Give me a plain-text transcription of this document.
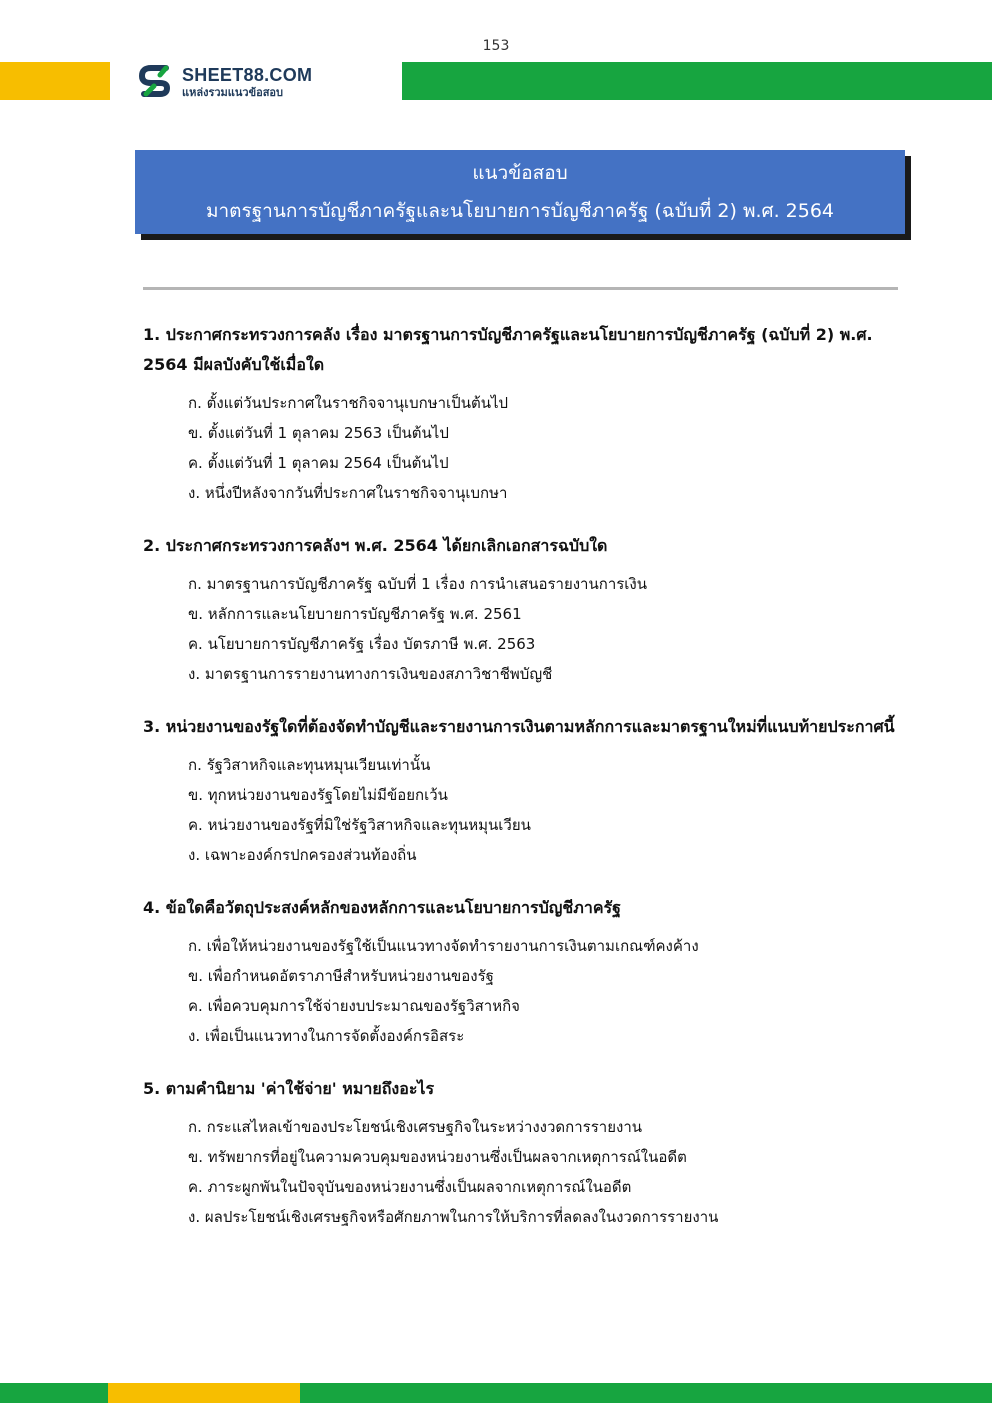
153
SHEET88.COM
แหล่งรวมแนวข้อสอบ
แนวข้อสอบ
มาตรฐานการบัญชีภาครัฐและนโยบายการบัญชีภาครัฐ (ฉบับที่ 2) พ.ศ. 2564

1. ประกาศกระทรวงการคลัง เรื่อง มาตรฐานการบัญชีภาครัฐและนโยบายการบัญชีภาครัฐ (ฉบับที่ 2) พ.ศ. 2564 มีผลบังคับใช้เมื่อใด

ก. ตั้งแต่วันประกาศในราชกิจจานุเบกษาเป็นต้นไป
ข. ตั้งแต่วันที่ 1 ตุลาคม 2563 เป็นต้นไป
ค. ตั้งแต่วันที่ 1 ตุลาคม 2564 เป็นต้นไป
ง. หนึ่งปีหลังจากวันที่ประกาศในราชกิจจานุเบกษา

2. ประกาศกระทรวงการคลังฯ พ.ศ. 2564 ได้ยกเลิกเอกสารฉบับใด

ก. มาตรฐานการบัญชีภาครัฐ ฉบับที่ 1 เรื่อง การนำเสนอรายงานการเงิน
ข. หลักการและนโยบายการบัญชีภาครัฐ พ.ศ. 2561
ค. นโยบายการบัญชีภาครัฐ เรื่อง บัตรภาษี พ.ศ. 2563
ง. มาตรฐานการรายงานทางการเงินของสภาวิชาชีพบัญชี

3. หน่วยงานของรัฐใดที่ต้องจัดทำบัญชีและรายงานการเงินตามหลักการและมาตรฐานใหม่ที่แนบท้ายประกาศนี้

ก. รัฐวิสาหกิจและทุนหมุนเวียนเท่านั้น
ข. ทุกหน่วยงานของรัฐโดยไม่มีข้อยกเว้น
ค. หน่วยงานของรัฐที่มิใช่รัฐวิสาหกิจและทุนหมุนเวียน
ง. เฉพาะองค์กรปกครองส่วนท้องถิ่น

4. ข้อใดคือวัตถุประสงค์หลักของหลักการและนโยบายการบัญชีภาครัฐ

ก. เพื่อให้หน่วยงานของรัฐใช้เป็นแนวทางจัดทำรายงานการเงินตามเกณฑ์คงค้าง
ข. เพื่อกำหนดอัตราภาษีสำหรับหน่วยงานของรัฐ
ค. เพื่อควบคุมการใช้จ่ายงบประมาณของรัฐวิสาหกิจ
ง. เพื่อเป็นแนวทางในการจัดตั้งองค์กรอิสระ

5. ตามคำนิยาม 'ค่าใช้จ่าย' หมายถึงอะไร

ก. กระแสไหลเข้าของประโยชน์เชิงเศรษฐกิจในระหว่างงวดการรายงาน
ข. ทรัพยากรที่อยู่ในความควบคุมของหน่วยงานซึ่งเป็นผลจากเหตุการณ์ในอดีต
ค. ภาระผูกพันในปัจจุบันของหน่วยงานซึ่งเป็นผลจากเหตุการณ์ในอดีต
ง. ผลประโยชน์เชิงเศรษฐกิจหรือศักยภาพในการให้บริการที่ลดลงในงวดการรายงาน
